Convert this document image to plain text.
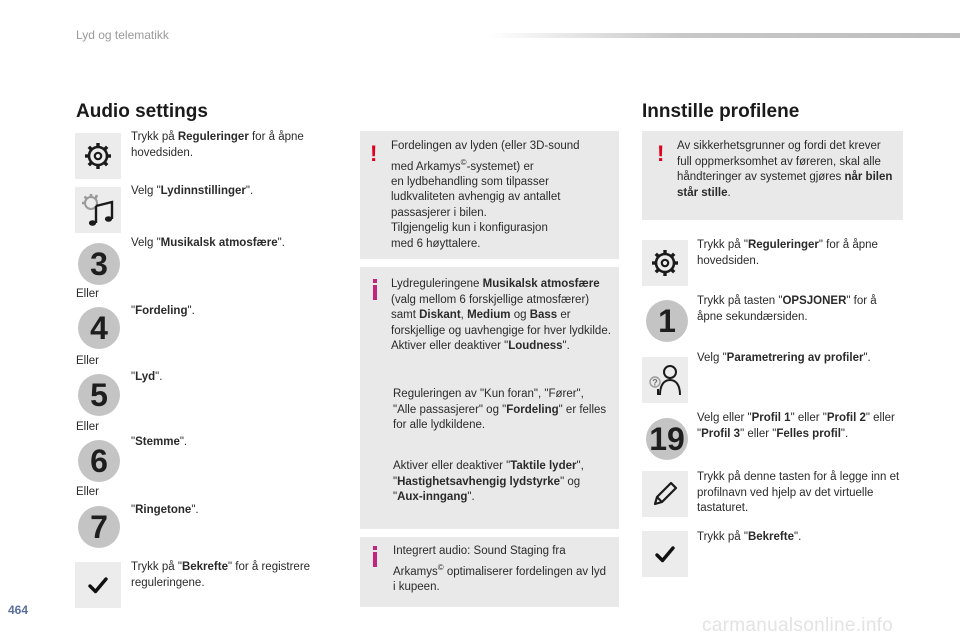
Lyd og telematikk
Audio settings
Trykk på Reguleringer for å åpne hovedsiden.
Velg "Lydinnstillinger".
3
Velg "Musikalsk atmosfære".
Eller
4	"Fordeling".
Eller
5	"Lyd".
Eller
6
"Stemme".
Eller
7	"Ringetone".
Trykk på "Bekrefte" for å registrere reguleringene.
! Fordelingen av lyden (eller 3D-sound
med Arkamys©-systemet) er
en lydbehandling som tilpasser
ludkvaliteten avhengig av antallet
passasjerer i bilen.
Tilgjengelig kun i konfigurasjon
med 6 høyttalere.
Lydreguleringene Musikalsk atmosfære (valg mellom 6 forskjellige atmosfærer) samt Diskant, Medium og Bass er forskjellige og uavhengige for hver lydkilde.
Aktiver eller deaktiver "Loudness".
Reguleringen av "Kun foran", "Fører", "Alle passasjerer" og "Fordeling" er felles for alle lydkildene.
Aktiver eller deaktiver "Taktile lyder", "Hastighetsavhengig lydstyrke" og "Aux-inngang".
Integrert audio: Sound Staging fra Arkamys© optimaliserer fordelingen av lyd i kupeen.
Innstille profilene
! Av sikkerhetsgrunner og fordi det krever full oppmerksomhet av føreren, skal alle håndteringer av systemet gjøres når bilen står stille.
Trykk på "Reguleringer" for å åpne hovedsiden.
1
Trykk på tasten "OPSJONER" for å åpne sekundærsiden.
?
Velg "Parametrering av profiler".
19
Velg eller "Profil 1" eller "Profil 2" eller "Profil 3" eller "Felles profil".
Trykk på denne tasten for å legge inn et profilnavn ved hjelp av det virtuelle tastaturet.
Trykk på "Bekrefte".
464
carmanualsonline.info
